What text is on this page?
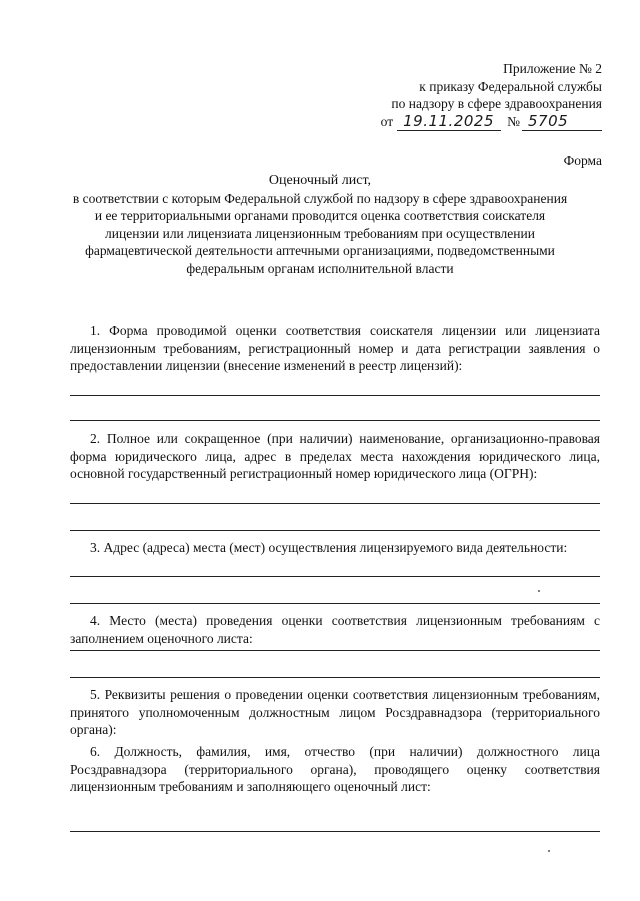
Приложение № 2
к приказу Федеральной службы
по надзору в сфере здравоохранения
от 19.11.2025 № 5705
Форма
Оценочный лист,
в соответствии с которым Федеральной службой по надзору в сфере здравоохранения и ее территориальными органами проводится оценка соответствия соискателя лицензии или лицензиата лицензионным требованиям при осуществлении фармацевтической деятельности аптечными организациями, подведомственными федеральным органам исполнительной власти

1. Форма проводимой оценки соответствия соискателя лицензии или лицензиата лицензионным требованиям, регистрационный номер и дата регистрации заявления о предоставлении лицензии (внесение изменений в реестр лицензий):

2. Полное или сокращенное (при наличии) наименование, организационно-правовая форма юридического лица, адрес в пределах места нахождения юридического лица, основной государственный регистрационный номер юридического лица (ОГРН):

3. Адрес (адреса) места (мест) осуществления лицензируемого вида деятельности:

4. Место (места) проведения оценки соответствия лицензионным требованиям с заполнением оценочного листа:

5. Реквизиты решения о проведении оценки соответствия лицензионным требованиям, принятого уполномоченным должностным лицом Росздравнадзора (территориального органа):

6. Должность, фамилия, имя, отчество (при наличии) должностного лица Росздравнадзора (территориального органа), проводящего оценку соответствия лицензионным требованиям и заполняющего оценочный лист:
